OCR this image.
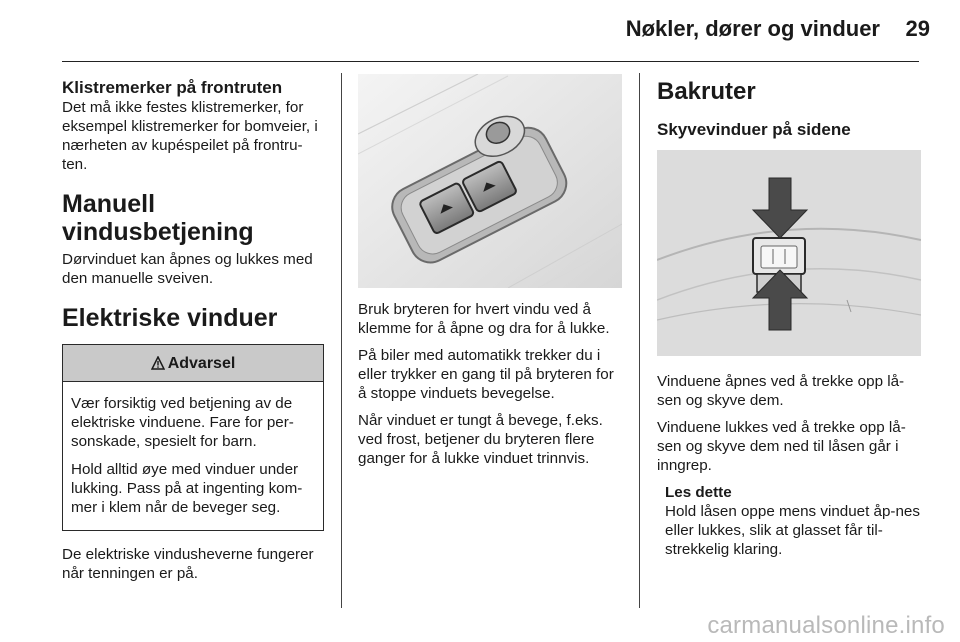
Nøkler, dører og vinduer	29
Klistremerker på frontruten

Det må ikke festes klistremerker, for eksempel klistremerker for bomveier, i nærheten av kupéspeilet på frontru-ten.

Manuell vindusbetjening

Dørvinduet kan åpnes og lukkes med den manuelle sveiven.

Elektriske vinduer
Advarsel

Vær forsiktig ved betjening av de elektriske vinduene. Fare for per-sonskade, spesielt for barn.

Hold alltid øye med vinduer under lukking. Pass på at ingenting kom-mer i klem når de beveger seg.

De elektriske vindusheverne fungerer når tenningen er på.

Bruk bryteren for hvert vindu ved å klemme for å åpne og dra for å lukke.

På biler med automatikk trekker du i eller trykker en gang til på bryteren for å stoppe vinduets bevegelse.

Når vinduet er tungt å bevege, f.eks. ved frost, betjener du bryteren flere ganger for å lukke vinduet trinnvis.

Bakruter
Skyvevinduer på sidene

Vinduene åpnes ved å trekke opp lå-sen og skyve dem.

Vinduene lukkes ved å trekke opp lå-sen og skyve dem ned til låsen går i inngrep.

Les dette

Hold låsen oppe mens vinduet åp-nes eller lukkes, slik at glasset får til-strekkelig klaring.

carmanualsonline.info
